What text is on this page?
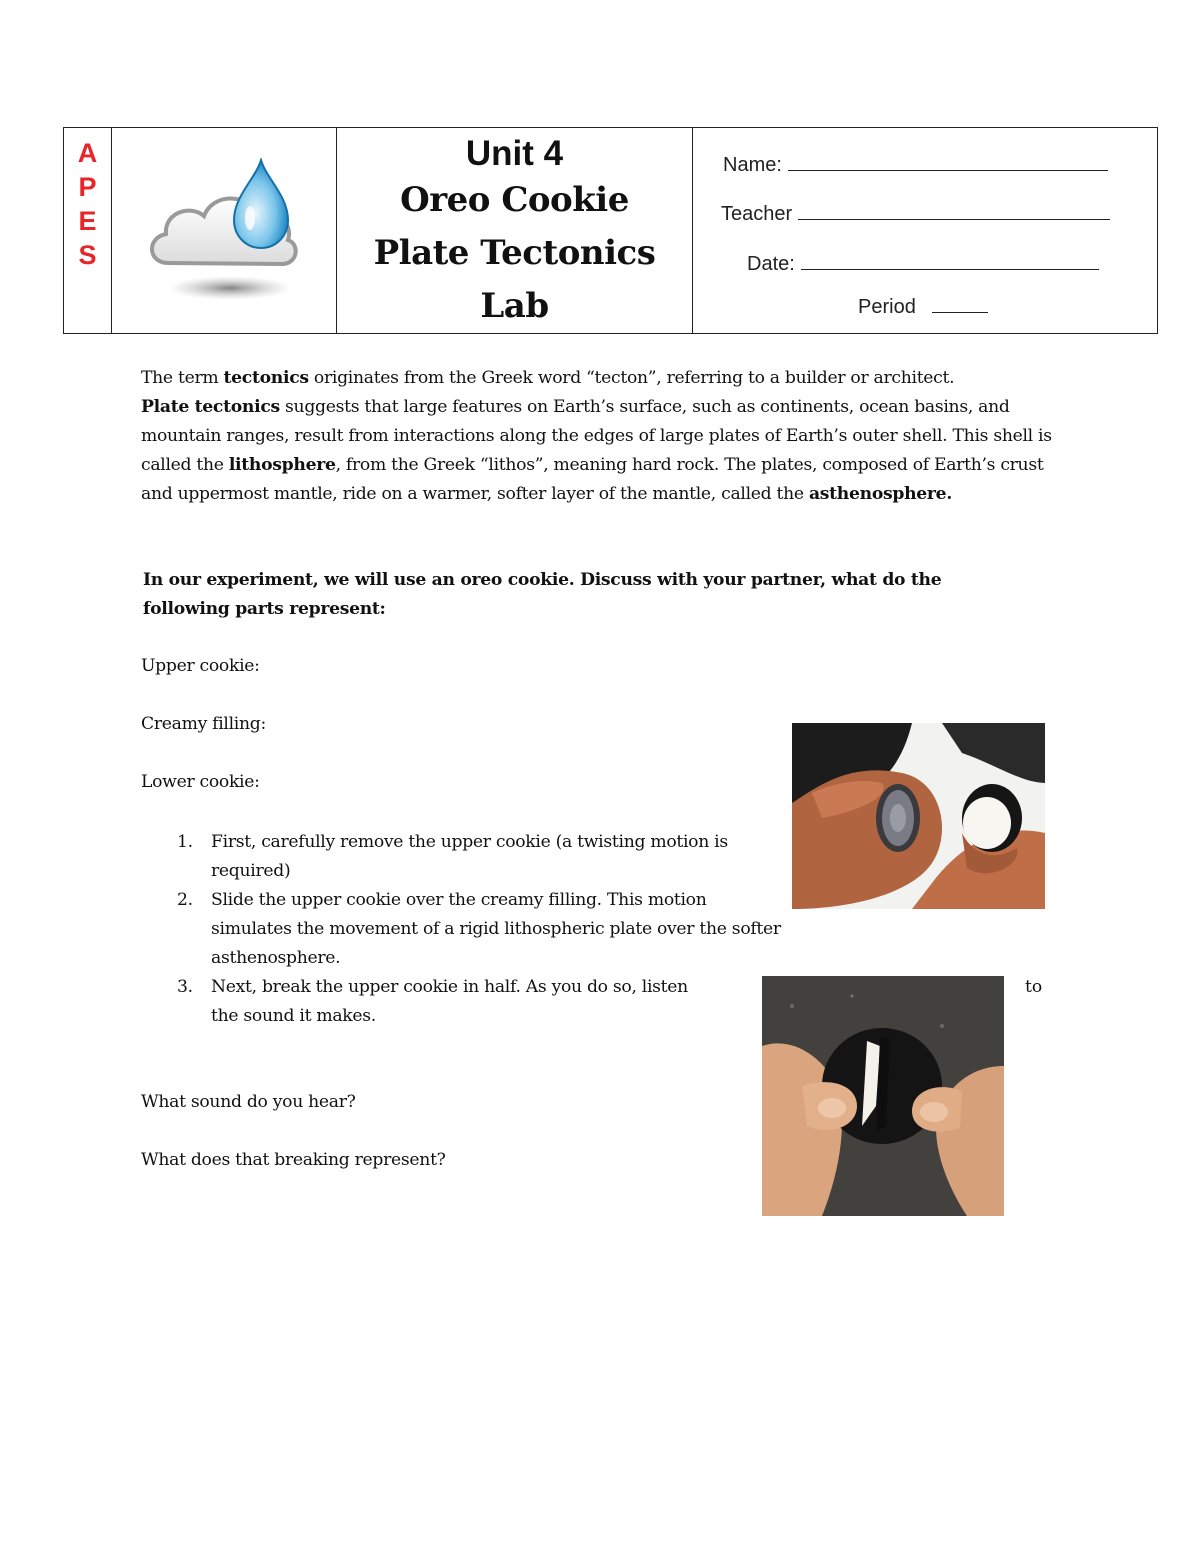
A
P
E
S
Unit 4
Oreo Cookie
Plate Tectonics
Lab
Name:
Teacher
Date:
Period

The term tectonics originates from the Greek word “tecton”, referring to a builder or architect.
Plate tectonics suggests that large features on Earth’s surface, such as continents, ocean basins, and mountain ranges, result from interactions along the edges of large plates of Earth’s outer shell. This shell is called the lithosphere, from the Greek “lithos”, meaning hard rock. The plates, composed of Earth’s crust and uppermost mantle, ride on a warmer, softer layer of the mantle, called the asthenosphere.

In our experiment, we will use an oreo cookie. Discuss with your partner, what do the following parts represent:

Upper cookie:
Creamy filling:
Lower cookie:
1. First, carefully remove the upper cookie (a twisting motion is required)
2. Slide the upper cookie over the creamy filling. This motion simulates the movement of a rigid lithospheric plate over the softer asthenosphere.
3. Next, break the upper cookie in half. As you do so, listen
the sound it makes.
to
What sound do you hear?
What does that breaking represent?
